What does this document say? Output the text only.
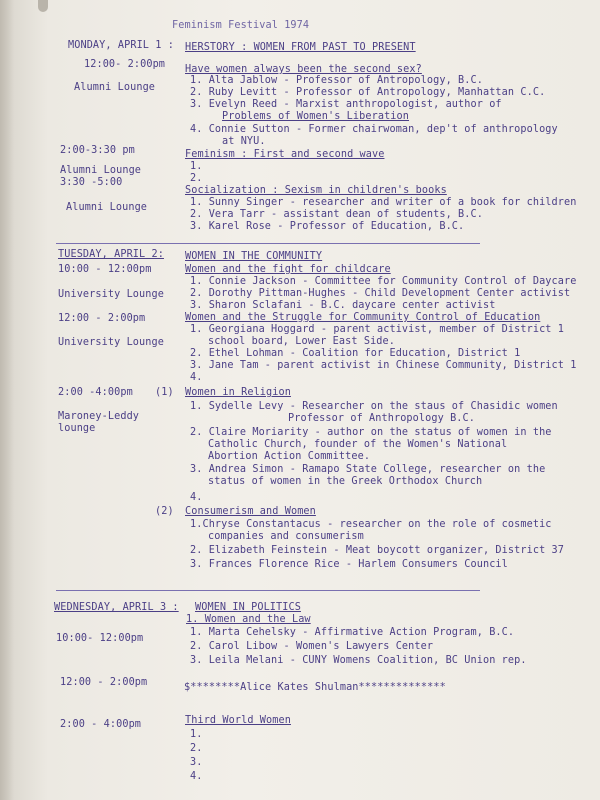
Feminism Festival 1974
MONDAY, APRIL 1 : HERSTORY : WOMEN FROM PAST TO PRESENT
12:00- 2:00pm
Alumni Lounge
Have women always been the second sex?
1. Alta Jablow - Professor of Antropology, B.C.
2. Ruby Levitt - Professor of Antropology, Manhattan C.C.
3. Evelyn Reed - Marxist anthropologist, author of
Problems of Women's Liberation
4. Connie Sutton - Former chairwoman, dep't of anthropology
at NYU.
2:00-3:30 pm
Alumni Lounge
Feminism : First and second wave
1.
2.
3:30 -5:00
Alumni Lounge
Socialization : Sexism in children's books
1. Sunny Singer - researcher and writer of a book for children
2. Vera Tarr - assistant dean of students, B.C.
3. Karel Rose - Professor of Education, B.C.
TUESDAY, APRIL 2: WOMEN IN THE COMMUNITY
10:00 - 12:00pm
University Lounge
Women and the fight for childcare
1. Connie Jackson - Committee for Community Control of Daycare
2. Dorothy Pittman-Hughes - Child Development Center activist
3. Sharon Sclafani - B.C. daycare center activist
12:00 - 2:00pm
University Lounge
Women and the Struggle for Community Control of Education
1. Georgiana Hoggard - parent activist, member of District 1
school board, Lower East Side.
2. Ethel Lohman - Coalition for Education, District 1
3. Jane Tam - parent activist in Chinese Community, District 1
4.
2:00 -4:00pm (1)
Maroney-Leddy
lounge
Women in Religion
1. Sydelle Levy - Researcher on the staus of Chasidic women
Professor of Anthropology B.C.
2. Claire Moriarity - author on the status of women in the
Catholic Church, founder of the Women's National
Abortion Action Committee.
3. Andrea Simon - Ramapo State College, researcher on the
status of women in the Greek Orthodox Church
4.
(2) Consumerism and Women
1.Chryse Constantacus - researcher on the role of cosmetic
companies and consumerism
2. Elizabeth Feinstein - Meat boycott organizer, District 37
3. Frances Florence Rice - Harlem Consumers Council
WEDNESDAY, APRIL 3 : WOMEN IN POLITICS
1. Women and the Law
10:00- 12:00pm
1. Marta Cehelsky - Affirmative Action Program, B.C.
2. Carol Libow - Women's Lawyers Center
3. Leila Melani - CUNY Womens Coalition, BC Union rep.
12:00 - 2:00pm	$********Alice Kates Shulman**************
2:00 - 4:00pm	Third World Women
1.
2.
3.
4.
